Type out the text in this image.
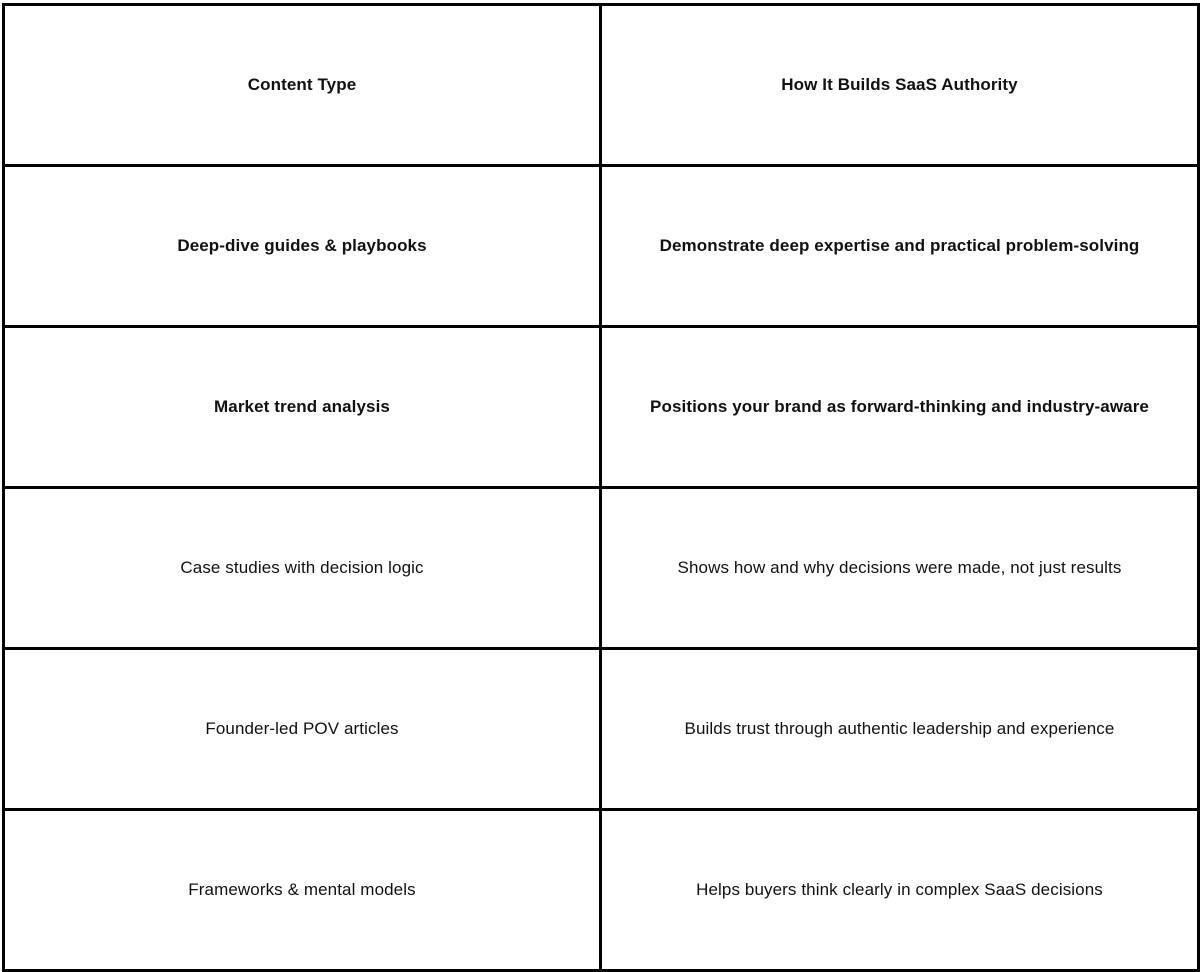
Content Type	How It Builds SaaS Authority
Deep-dive guides & playbooks	Demonstrate deep expertise and practical problem-solving
Market trend analysis	Positions your brand as forward-thinking and industry-aware
Case studies with decision logic	Shows how and why decisions were made, not just results
Founder-led POV articles	Builds trust through authentic leadership and experience
Frameworks & mental models	Helps buyers think clearly in complex SaaS decisions
